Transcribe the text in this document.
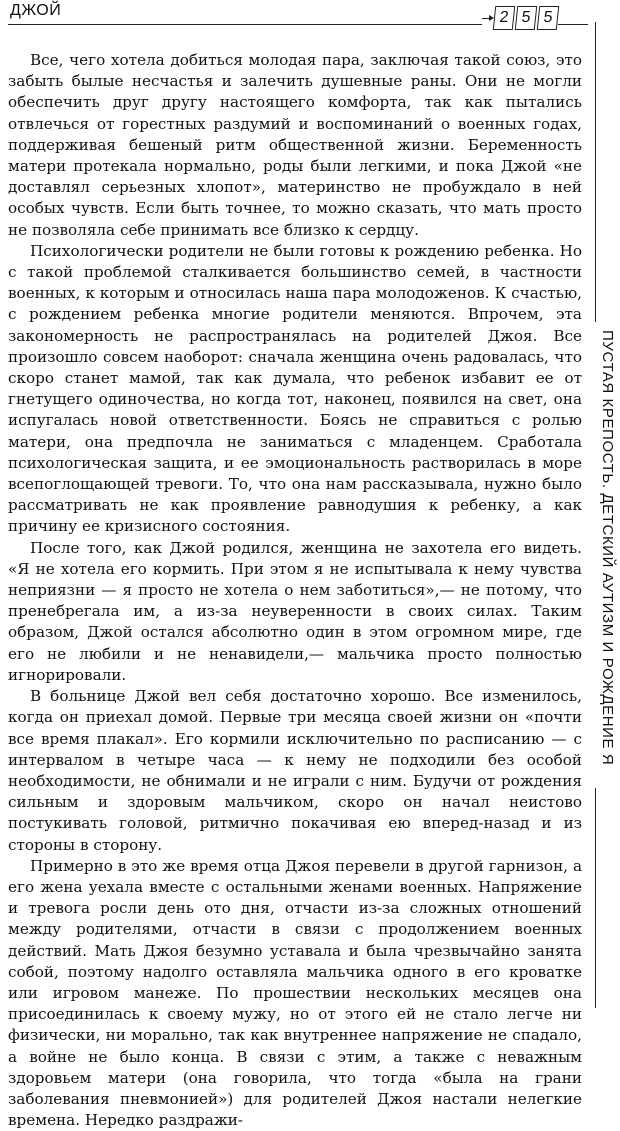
ДЖОЙ	2 5 5
ПУСТАЯ КРЕПОСТЬ. ДЕТСКИЙ АУТИЗМ И РОЖДЕНИЕ Я

Все, чего хотела добиться молодая пара, заключая такой союз, это забыть былые несчастья и залечить душевные раны. Они не могли обеспечить друг другу настоящего комфорта, так как пытались отвлечься от горестных раздумий и воспоминаний о военных годах, поддерживая бешеный ритм общественной жизни. Беременность матери протекала нормально, роды были легкими, и пока Джой «не доставлял серьезных хлопот», материнство не пробуждало в ней особых чувств. Если быть точнее, то можно сказать, что мать просто не позволяла себе принимать все близко к сердцу.

Психологически родители не были готовы к рождению ребенка. Но с такой проблемой сталкивается большинство семей, в частности военных, к которым и относилась наша пара молодоженов. К счастью, с рождением ребенка многие родители меняются. Впрочем, эта закономерность не распространялась на родителей Джоя. Все произошло совсем наоборот: сначала женщина очень радовалась, что скоро станет мамой, так как думала, что ребенок избавит ее от гнетущего одиночества, но когда тот, наконец, появился на свет, она испугалась новой ответственности. Боясь не справиться с ролью матери, она предпочла не заниматься с младенцем. Сработала психологическая защита, и ее эмоциональность растворилась в море всепоглощающей тревоги. То, что она нам рассказывала, нужно было рассматривать не как проявление равнодушия к ребенку, а как причину ее кризисного состояния.

После того, как Джой родился, женщина не захотела его видеть. «Я не хотела его кормить. При этом я не испытывала к нему чувства неприязни — я просто не хотела о нем заботиться»,— не потому, что пренебрегала им, а из-за неуверенности в своих силах. Таким образом, Джой остался абсолютно один в этом огромном мире, где его не любили и не ненавидели,— мальчика просто полностью игнорировали.

В больнице Джой вел себя достаточно хорошо. Все изменилось, когда он приехал домой. Первые три месяца своей жизни он «почти все время плакал». Его кормили исключительно по расписанию — с интервалом в четыре часа — к нему не подходили без особой необходимости, не обнимали и не играли с ним. Будучи от рождения сильным и здоровым мальчиком, скоро он начал неистово постукивать головой, ритмично покачивая ею вперед-назад и из стороны в сторону.

Примерно в это же время отца Джоя перевели в другой гарнизон, а его жена уехала вместе с остальными женами военных. Напряжение и тревога росли день ото дня, отчасти из-за сложных отношений между родителями, отчасти в связи с продолжением военных действий. Мать Джоя безумно уставала и была чрезвычайно занята собой, поэтому надолго оставляла мальчика одного в его кроватке или игровом манеже. По прошествии нескольких месяцев она присоединилась к своему мужу, но от этого ей не стало легче ни физически, ни морально, так как внутреннее напряжение не спадало, а войне не было конца. В связи с этим, а также с неважным здоровьем матери (она говорила, что тогда «была на грани заболевания пневмонией») для родителей Джоя настали нелегкие времена. Нередко раздражи-
